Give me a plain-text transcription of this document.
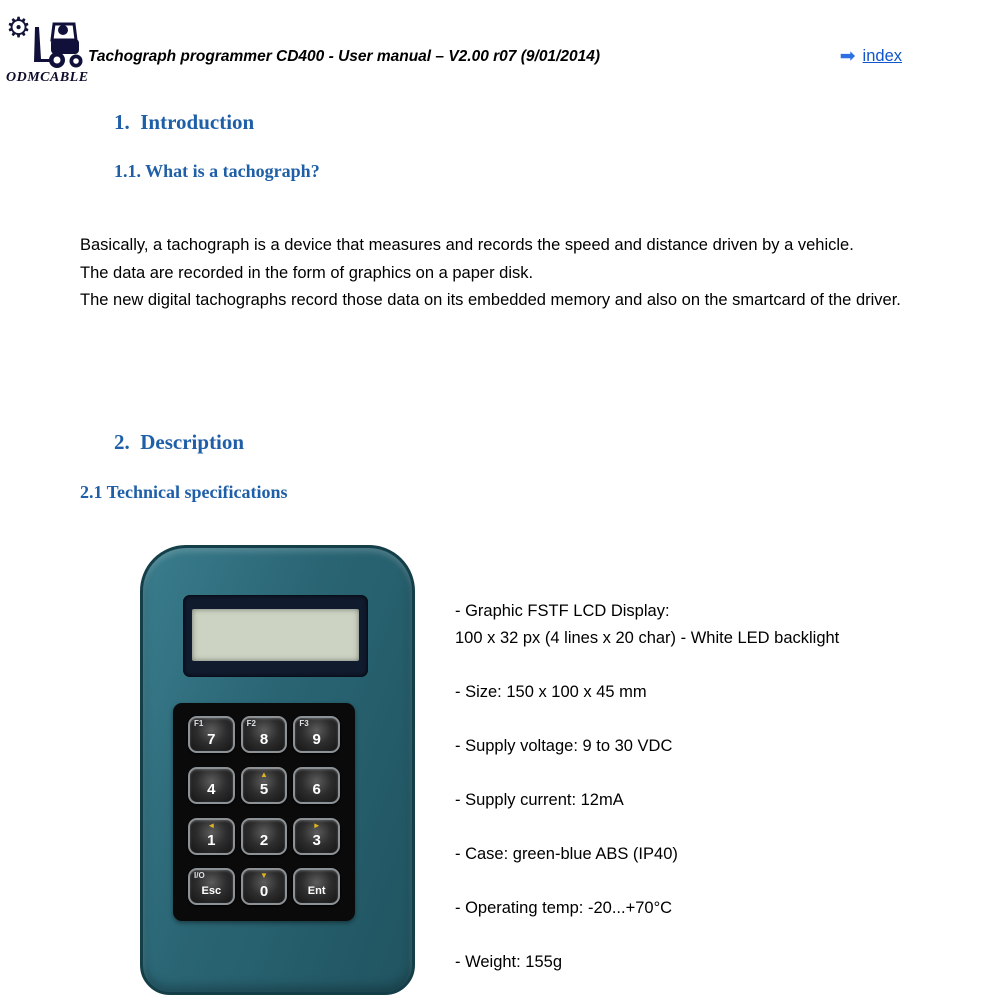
⚙
ODMCABLE
Tachograph programmer CD400 - User manual – V2.00 r07 (9/01/2014)	➡ index
1.  Introduction
1.1. What is a tachograph?
Basically, a tachograph is a device that measures and records the speed and distance driven by a vehicle.
The data are recorded in the form of graphics on a paper disk.
The new digital tachographs record those data on its embedded memory and also on the smartcard of the driver.
2.  Description
2.1 Technical specifications
F1
7
F2
8
F3
9
4
▲
5	6
◄
1	2
►
3
I/O
Esc
▼
0	Ent
- Graphic FSTF LCD Display:
100 x 32 px (4 lines x 20 char) - White LED backlight
- Size: 150 x 100 x 45 mm
- Supply voltage: 9 to 30 VDC
- Supply current: 12mA
- Case: green-blue ABS (IP40)
- Operating temp: -20...+70°C
- Weight: 155g
